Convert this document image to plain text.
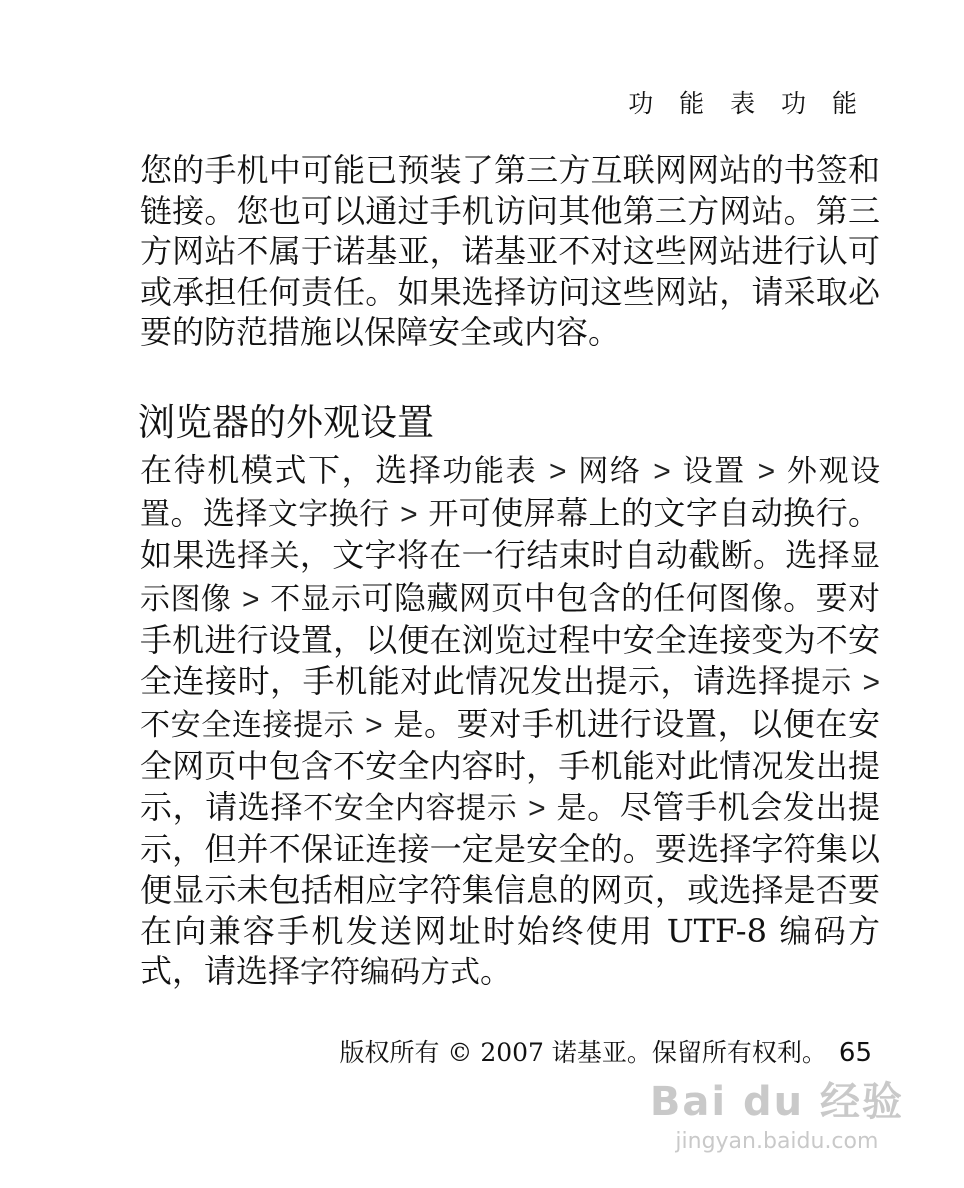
功 能 表 功 能

您的手机中可能已预装了第三方互联网网站的书签和链接。您也可以通过手机访问其他第三方网站。第三方网站不属于诺基亚，诺基亚不对这些网站进行认可或承担任何责任。如果选择访问这些网站，请采取必要的防范措施以保障安全或内容。

浏览器的外观设置

在待机模式下，选择功能表 > 网络 > 设置 > 外观设置。选择文字换行 > 开可使屏幕上的文字自动换行。如果选择关，文字将在一行结束时自动截断。选择显示图像 > 不显示可隐藏网页中包含的任何图像。要对手机进行设置，以便在浏览过程中安全连接变为不安全连接时，手机能对此情况发出提示，请选择提示 > 不安全连接提示 > 是。要对手机进行设置，以便在安全网页中包含不安全内容时，手机能对此情况发出提示，请选择不安全内容提示 > 是。尽管手机会发出提示，但并不保证连接一定是安全的。要选择字符集以便显示未包括相应字符集信息的网页，或选择是否要在向兼容手机发送网址时始终使用 UTF-8 编码方式，请选择字符编码方式。

版权所有 © 2007 诺基亚。保留所有权利。 65
Bai du 经验
jingyan.baidu.com
